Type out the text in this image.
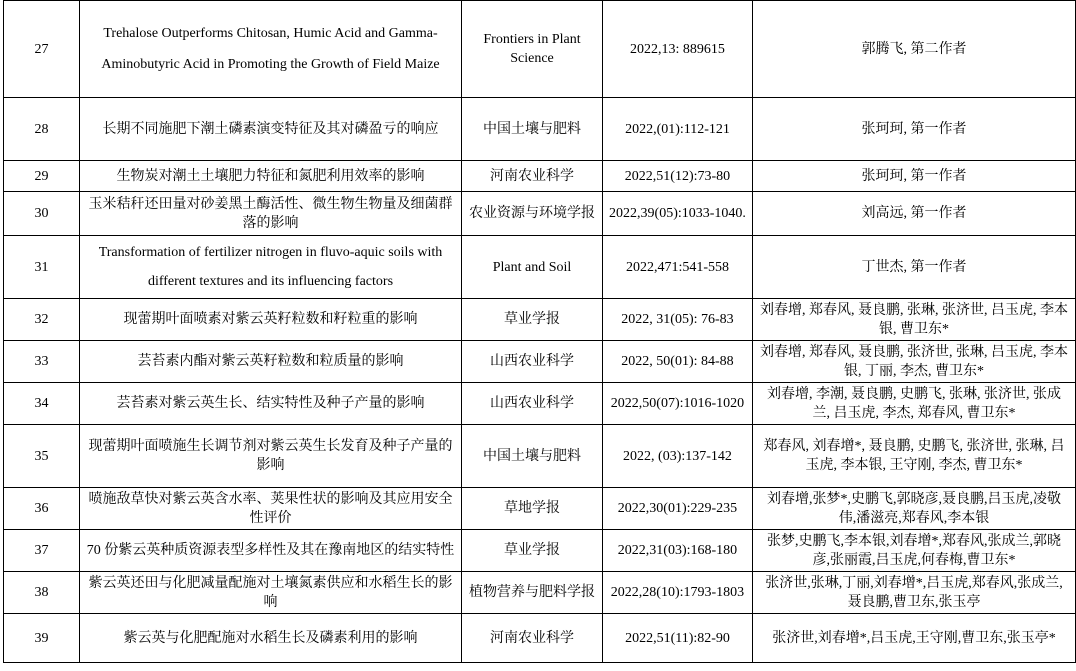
27	Trehalose Outperforms Chitosan, Humic Acid and Gamma-Aminobutyric Acid in Promoting the Growth of Field Maize	Frontiers in Plant Science	2022,13: 889615	郭腾飞, 第二作者
28	长期不同施肥下潮土磷素演变特征及其对磷盈亏的响应	中国土壤与肥料	2022,(01):112-121	张珂珂, 第一作者
29	生物炭对潮土土壤肥力特征和氮肥利用效率的影响	河南农业科学	2022,51(12):73-80	张珂珂, 第一作者
30	玉米秸秆还田量对砂姜黑土酶活性、微生物生物量及细菌群落的影响	农业资源与环境学报	2022,39(05):1033-1040.	刘高远, 第一作者
31	Transformation of fertilizer nitrogen in fluvo-aquic soils with different textures and its influencing factors	Plant and Soil	2022,471:541-558	丁世杰, 第一作者
32	现蕾期叶面喷素对紫云英籽粒数和籽粒重的影响	草业学报	2022, 31(05): 76-83	刘春增, 郑春风, 聂良鹏, 张琳, 张济世, 吕玉虎, 李本银, 曹卫东*
33	芸苔素内酯对紫云英籽粒数和粒质量的影响	山西农业科学	2022, 50(01): 84-88	刘春增, 郑春风, 聂良鹏, 张济世, 张琳, 吕玉虎, 李本银, 丁丽, 李杰, 曹卫东*
34	芸苔素对紫云英生长、结实特性及种子产量的影响	山西农业科学	2022,50(07):1016-1020	刘春增, 李潮, 聂良鹏, 史鹏飞, 张琳, 张济世, 张成兰, 吕玉虎, 李杰, 郑春风, 曹卫东*
35	现蕾期叶面喷施生长调节剂对紫云英生长发育及种子产量的影响	中国土壤与肥料	2022, (03):137-142	郑春风, 刘春增*, 聂良鹏, 史鹏飞, 张济世, 张琳, 吕玉虎, 李本银, 王守刚, 李杰, 曹卫东*
36	喷施敌草快对紫云英含水率、荚果性状的影响及其应用安全性评价	草地学报	2022,30(01):229-235	刘春增,张梦*,史鹏飞,郭晓彦,聂良鹏,吕玉虎,凌敬伟,潘滋亮,郑春风,李本银
37	70 份紫云英种质资源表型多样性及其在豫南地区的结实特性	草业学报	2022,31(03):168-180	张梦,史鹏飞,李本银,刘春增*,郑春风,张成兰,郭晓彦,张丽霞,吕玉虎,何春梅,曹卫东*
38	紫云英还田与化肥减量配施对土壤氮素供应和水稻生长的影响	植物营养与肥料学报	2022,28(10):1793-1803	张济世,张琳,丁丽,刘春增*,吕玉虎,郑春风,张成兰,聂良鹏,曹卫东,张玉亭
39	紫云英与化肥配施对水稻生长及磷素利用的影响	河南农业科学	2022,51(11):82-90	张济世,刘春增*,吕玉虎,王守刚,曹卫东,张玉亭*
